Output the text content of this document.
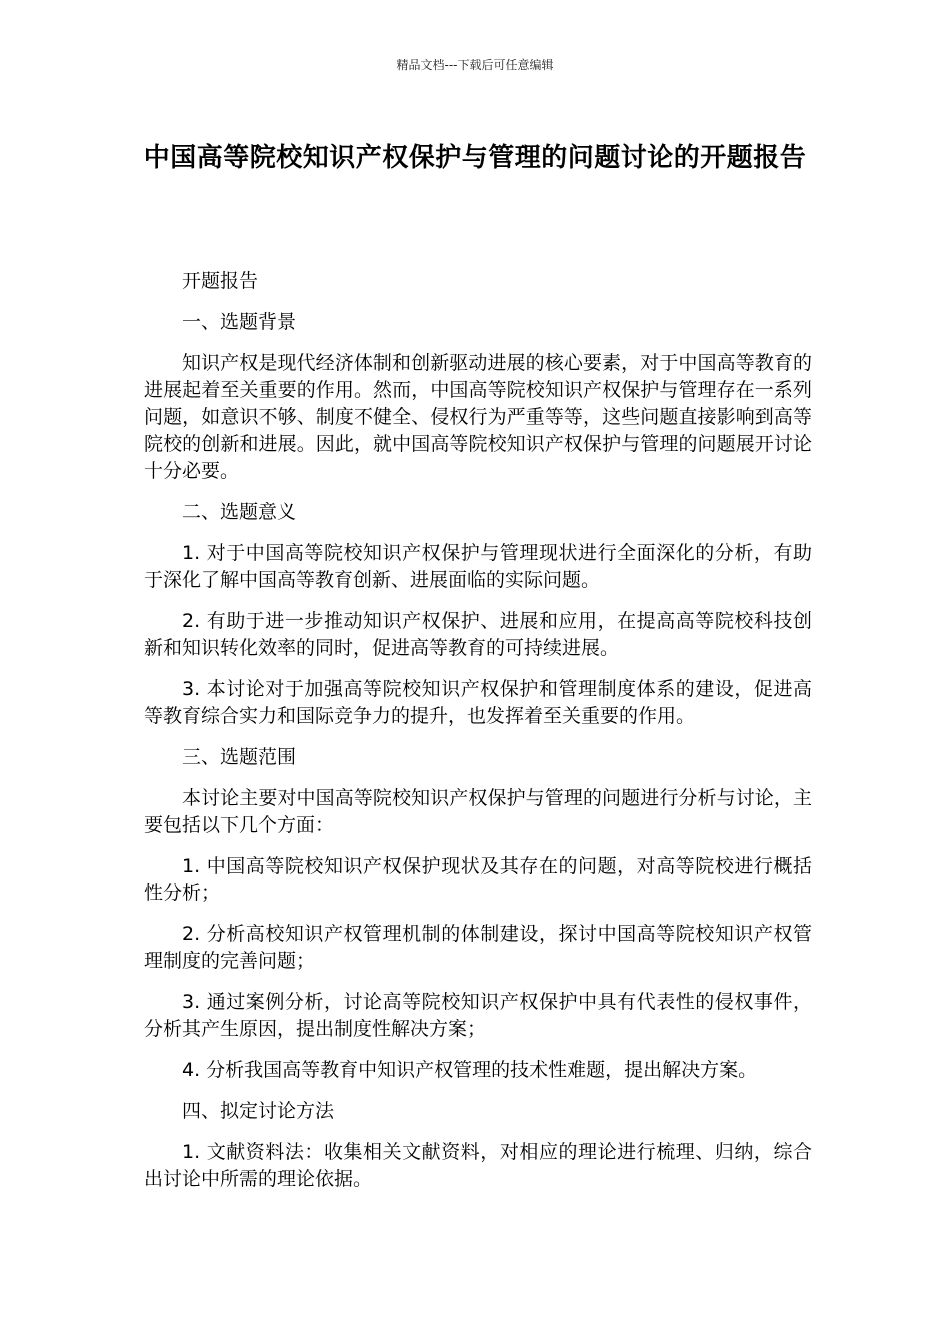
精品文档---下载后可任意编辑
中国高等院校知识产权保护与管理的问题讨论的开题报告

开题报告

一、选题背景

知识产权是现代经济体制和创新驱动进展的核心要素，对于中国高等教育的进展起着至关重要的作用。然而，中国高等院校知识产权保护与管理存在一系列问题，如意识不够、制度不健全、侵权行为严重等等，这些问题直接影响到高等院校的创新和进展。因此，就中国高等院校知识产权保护与管理的问题展开讨论十分必要。

二、选题意义

1. 对于中国高等院校知识产权保护与管理现状进行全面深化的分析，有助于深化了解中国高等教育创新、进展面临的实际问题。

2. 有助于进一步推动知识产权保护、进展和应用，在提高高等院校科技创新和知识转化效率的同时，促进高等教育的可持续进展。

3. 本讨论对于加强高等院校知识产权保护和管理制度体系的建设，促进高等教育综合实力和国际竞争力的提升，也发挥着至关重要的作用。

三、选题范围

本讨论主要对中国高等院校知识产权保护与管理的问题进行分析与讨论，主要包括以下几个方面：

1. 中国高等院校知识产权保护现状及其存在的问题，对高等院校进行概括性分析；

2. 分析高校知识产权管理机制的体制建设，探讨中国高等院校知识产权管理制度的完善问题；

3. 通过案例分析，讨论高等院校知识产权保护中具有代表性的侵权事件，分析其产生原因，提出制度性解决方案；

4. 分析我国高等教育中知识产权管理的技术性难题，提出解决方案。

四、拟定讨论方法

1. 文献资料法：收集相关文献资料，对相应的理论进行梳理、归纳，综合出讨论中所需的理论依据。
